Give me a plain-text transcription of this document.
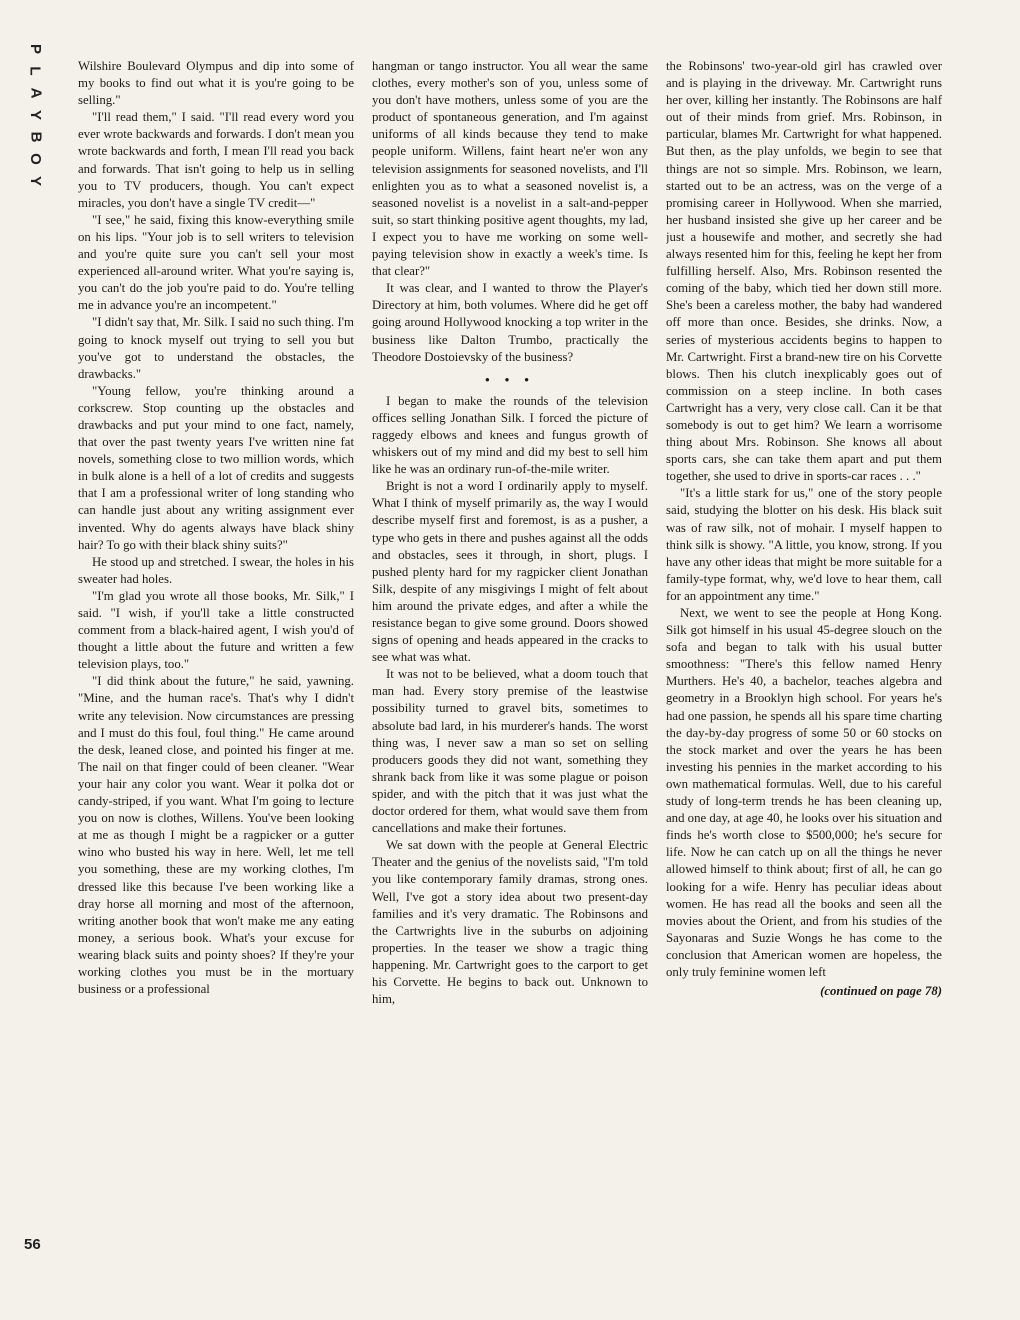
P
L
A
Y
B
O
Y

Wilshire Boulevard Olympus and dip into some of my books to find out what it is you're going to be selling."

"I'll read them," I said. "I'll read every word you ever wrote backwards and forwards. I don't mean you wrote backwards and forth, I mean I'll read you back and forwards. That isn't going to help us in selling you to TV producers, though. You can't expect miracles, you don't have a single TV credit—"

"I see," he said, fixing this know-everything smile on his lips. "Your job is to sell writers to television and you're quite sure you can't sell your most experienced all-around writer. What you're saying is, you can't do the job you're paid to do. You're telling me in advance you're an incompetent."

"I didn't say that, Mr. Silk. I said no such thing. I'm going to knock myself out trying to sell you but you've got to understand the obstacles, the drawbacks."

"Young fellow, you're thinking around a corkscrew. Stop counting up the obstacles and drawbacks and put your mind to one fact, namely, that over the past twenty years I've written nine fat novels, something close to two million words, which in bulk alone is a hell of a lot of credits and suggests that I am a professional writer of long standing who can handle just about any writing assignment ever invented. Why do agents always have black shiny hair? To go with their black shiny suits?"

He stood up and stretched. I swear, the holes in his sweater had holes.

"I'm glad you wrote all those books, Mr. Silk," I said. "I wish, if you'll take a little constructed comment from a black-haired agent, I wish you'd of thought a little about the future and written a few television plays, too."

"I did think about the future," he said, yawning. "Mine, and the human race's. That's why I didn't write any television. Now circumstances are pressing and I must do this foul, foul thing." He came around the desk, leaned close, and pointed his finger at me. The nail on that finger could of been cleaner. "Wear your hair any color you want. Wear it polka dot or candy-striped, if you want. What I'm going to lecture you on now is clothes, Willens. You've been looking at me as though I might be a ragpicker or a gutter wino who busted his way in here. Well, let me tell you something, these are my working clothes, I'm dressed like this because I've been working like a dray horse all morning and most of the afternoon, writing another book that won't make me any eating money, a serious book. What's your excuse for wearing black suits and pointy shoes? If they're your working clothes you must be in the mortuary business or a professional

hangman or tango instructor. You all wear the same clothes, every mother's son of you, unless some of you don't have mothers, unless some of you are the product of spontaneous generation, and I'm against uniforms of all kinds because they tend to make people uniform. Willens, faint heart ne'er won any television assignments for seasoned novelists, and I'll enlighten you as to what a seasoned novelist is, a seasoned novelist is a novelist in a salt-and-pepper suit, so start thinking positive agent thoughts, my lad, I expect you to have me working on some well-paying television show in exactly a week's time. Is that clear?"

It was clear, and I wanted to throw the Player's Directory at him, both volumes. Where did he get off going around Hollywood knocking a top writer in the business like Dalton Trumbo, practically the Theodore Dostoievsky of the business?

• • •

I began to make the rounds of the television offices selling Jonathan Silk. I forced the picture of raggedy elbows and knees and fungus growth of whiskers out of my mind and did my best to sell him like he was an ordinary run-of-the-mile writer.

Bright is not a word I ordinarily apply to myself. What I think of myself primarily as, the way I would describe myself first and foremost, is as a pusher, a type who gets in there and pushes against all the odds and obstacles, sees it through, in short, plugs. I pushed plenty hard for my ragpicker client Jonathan Silk, despite of any misgivings I might of felt about him around the private edges, and after a while the resistance began to give some ground. Doors showed signs of opening and heads appeared in the cracks to see what was what.

It was not to be believed, what a doom touch that man had. Every story premise of the leastwise possibility turned to gravel bits, sometimes to absolute bad lard, in his murderer's hands. The worst thing was, I never saw a man so set on selling producers goods they did not want, something they shrank back from like it was some plague or poison spider, and with the pitch that it was just what the doctor ordered for them, what would save them from cancellations and make their fortunes.

We sat down with the people at General Electric Theater and the genius of the novelists said, "I'm told you like contemporary family dramas, strong ones. Well, I've got a story idea about two present-day families and it's very dramatic. The Robinsons and the Cartwrights live in the suburbs on adjoining properties. In the teaser we show a tragic thing happening. Mr. Cartwright goes to the carport to get his Corvette. He begins to back out. Unknown to him,

the Robinsons' two-year-old girl has crawled over and is playing in the driveway. Mr. Cartwright runs her over, killing her instantly. The Robinsons are half out of their minds from grief. Mrs. Robinson, in particular, blames Mr. Cartwright for what happened. But then, as the play unfolds, we begin to see that things are not so simple. Mrs. Robinson, we learn, started out to be an actress, was on the verge of a promising career in Hollywood. When she married, her husband insisted she give up her career and be just a housewife and mother, and secretly she had always resented him for this, feeling he kept her from fulfilling herself. Also, Mrs. Robinson resented the coming of the baby, which tied her down still more. She's been a careless mother, the baby had wandered off more than once. Besides, she drinks. Now, a series of mysterious accidents begins to happen to Mr. Cartwright. First a brand-new tire on his Corvette blows. Then his clutch inexplicably goes out of commission on a steep incline. In both cases Cartwright has a very, very close call. Can it be that somebody is out to get him? We learn a worrisome thing about Mrs. Robinson. She knows all about sports cars, she can take them apart and put them together, she used to drive in sports-car races . . ."

"It's a little stark for us," one of the story people said, studying the blotter on his desk. His black suit was of raw silk, not of mohair. I myself happen to think silk is showy. "A little, you know, strong. If you have any other ideas that might be more suitable for a family-type format, why, we'd love to hear them, call for an appointment any time."

Next, we went to see the people at Hong Kong. Silk got himself in his usual 45-degree slouch on the sofa and began to talk with his usual butter smoothness: "There's this fellow named Henry Murthers. He's 40, a bachelor, teaches algebra and geometry in a Brooklyn high school. For years he's had one passion, he spends all his spare time charting the day-by-day progress of some 50 or 60 stocks on the stock market and over the years he has been investing his pennies in the market according to his own mathematical formulas. Well, due to his careful study of long-term trends he has been cleaning up, and one day, at age 40, he looks over his situation and finds he's worth close to $500,000; he's secure for life. Now he can catch up on all the things he never allowed himself to think about; first of all, he can go looking for a wife. Henry has peculiar ideas about women. He has read all the books and seen all the movies about the Orient, and from his studies of the Sayonaras and Suzie Wongs he has come to the conclusion that American women are hopeless, the only truly feminine women left

(continued on page 78)

56
